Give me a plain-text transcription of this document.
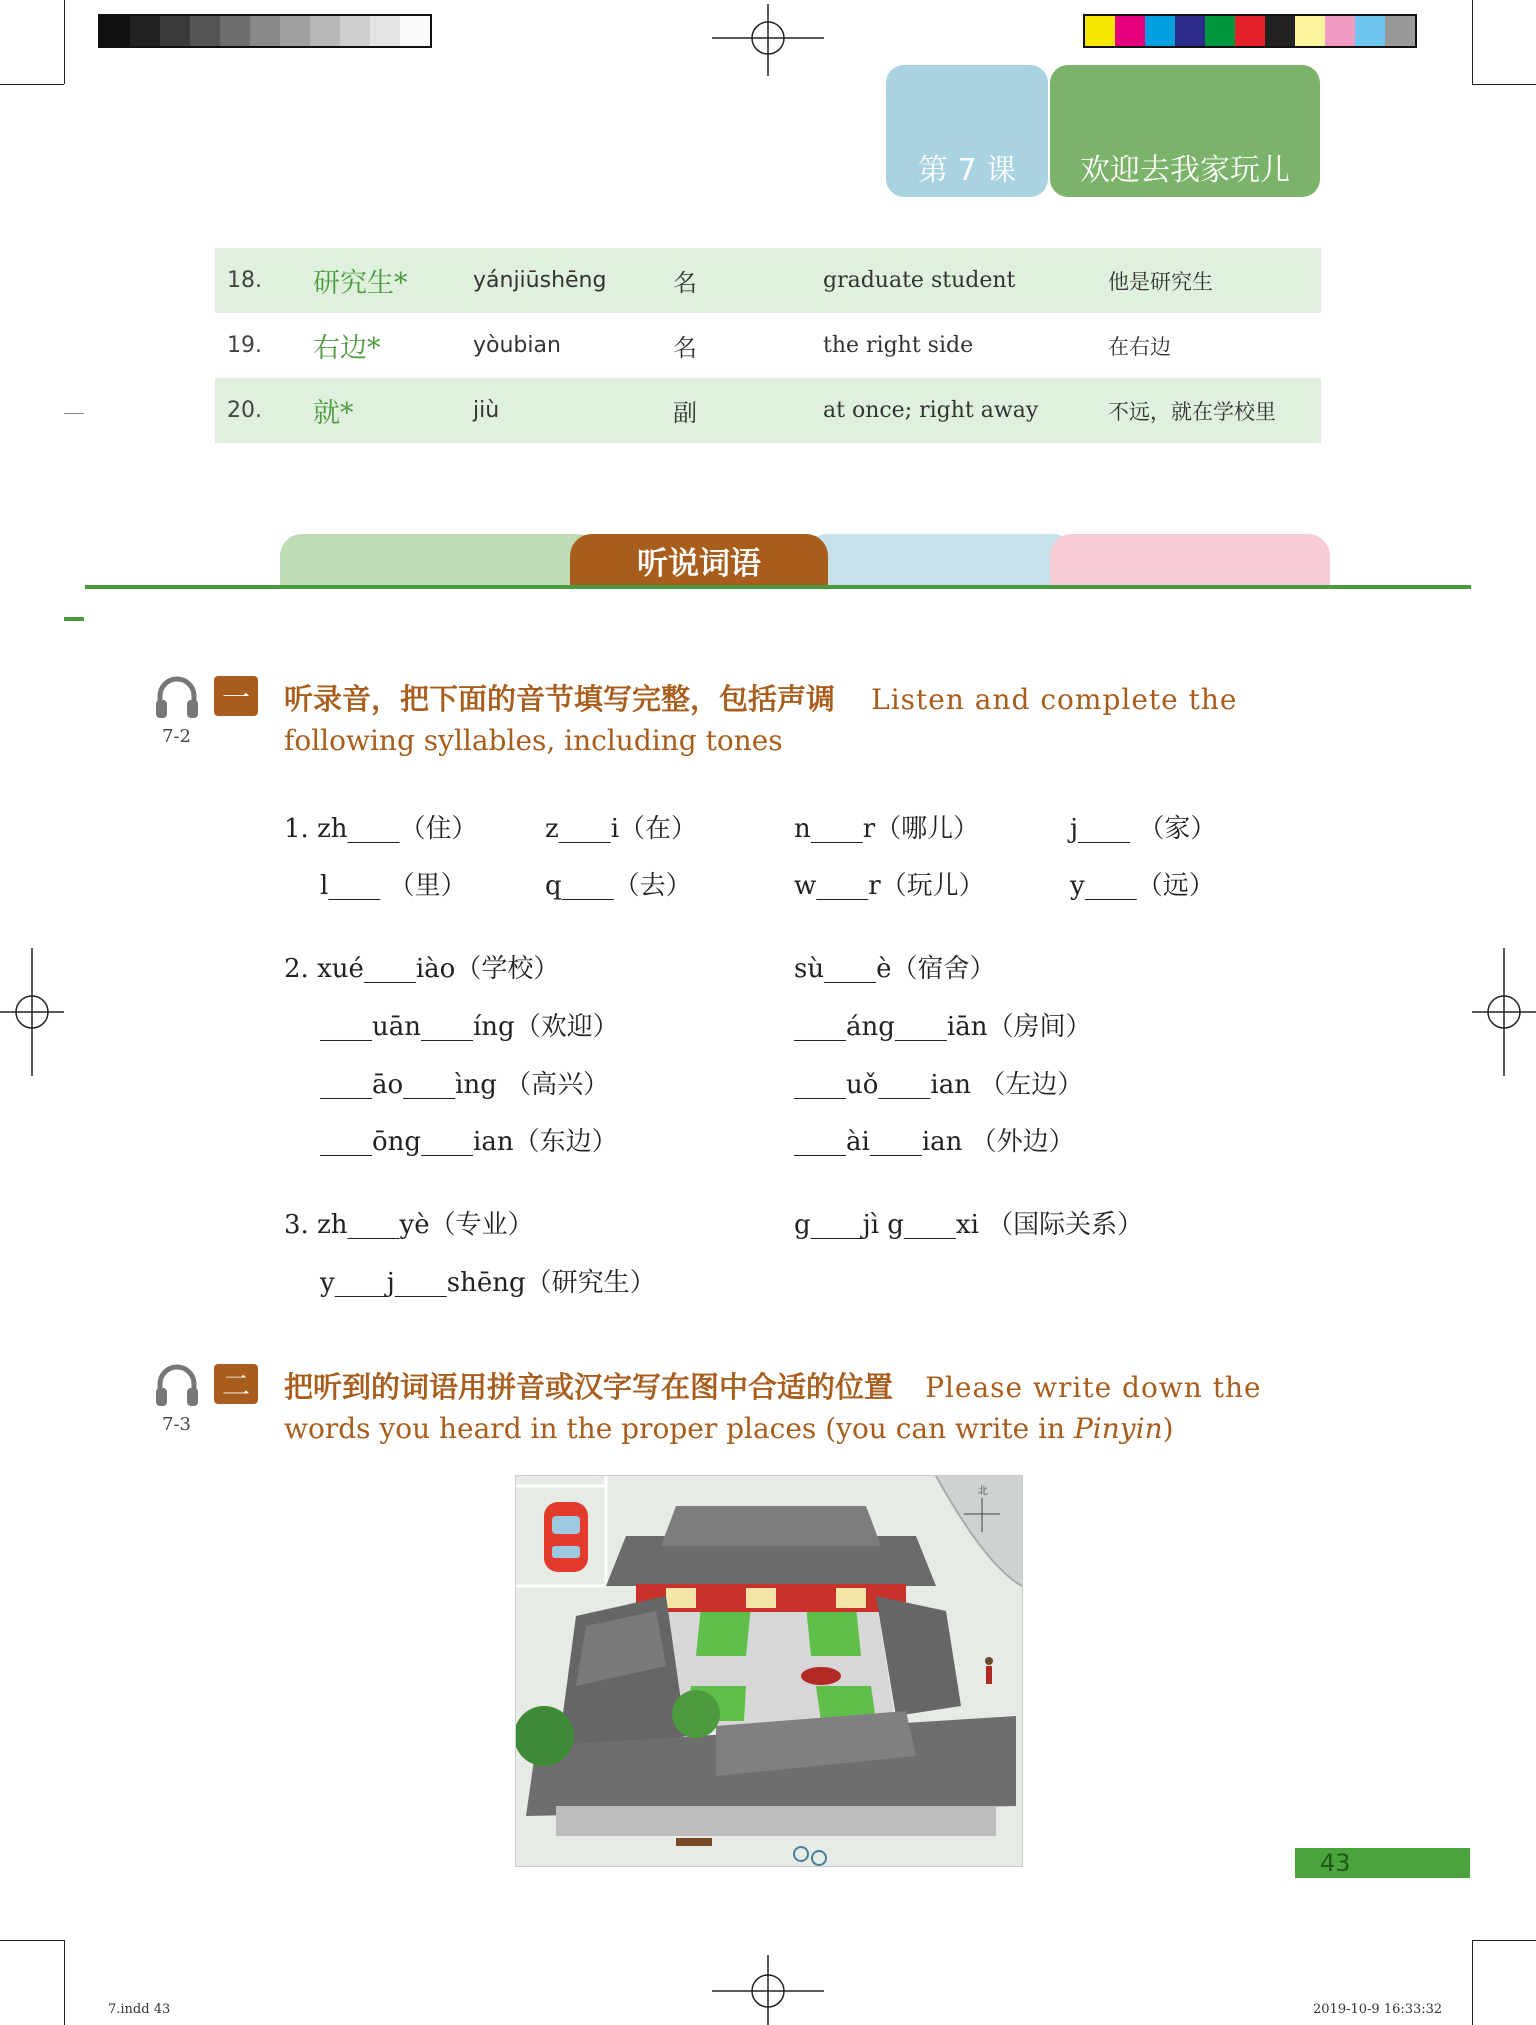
第 7 课	欢迎去我家玩儿
18.	研究生*	yánjiūshēng	名	graduate student	他是研究生
19.	右边*	yòubian	名	the right side	在右边
20.	就*	jiù	副	at once; right away	不远，就在学校里
听说词语
7-2
一 听录音，把下面的音节填写完整，包括声调 Listen and complete the
following syllables, including tones
1. zh____（住）	z____i（在）	n____r（哪儿）	j____ （家）
l____ （里）	q____（去）	w____r（玩儿）	y____（远）
2. xué____iào（学校）	sù____è（宿舍）
____uān____íng（欢迎）	____áng____iān（房间）
____āo____ìng （高兴）	____uǒ____ian （左边）
____ōng____ian（东边）	____ài____ian （外边）
3. zh____yè（专业）	g____jì g____xi （国际关系）
y____j____shēng（研究生）
7-3
二 把听到的词语用拼音或汉字写在图中合适的位置 Please write down the
words you heard in the proper places (you can write in Pinyin)
北
43
7.indd 43	2019-10-9 16:33:32
